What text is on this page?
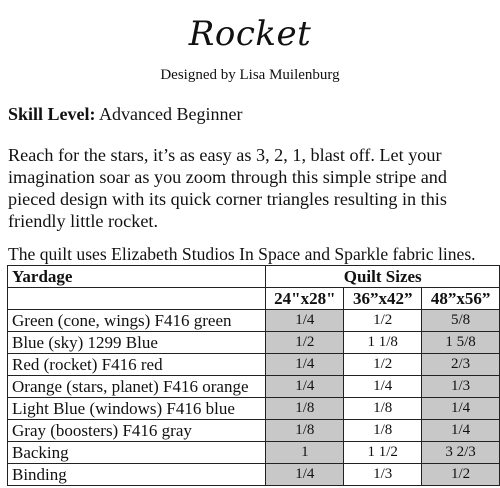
Rocket
Designed by Lisa Muilenburg
Skill Level: Advanced Beginner
Reach for the stars, it’s as easy as 3, 2, 1, blast off. Let your imagination soar as you zoom through this simple stripe and pieced design with its quick corner triangles resulting in this friendly little rocket.
The quilt uses Elizabeth Studios In Space and Sparkle fabric lines.
Yardage	Quilt Sizes		
	24"x28"	36”x42”	48”x56”
Green (cone, wings) F416 green	1/4	1/2	5/8
Blue (sky) 1299 Blue	1/2	1 1/8	1 5/8
Red (rocket) F416 red	1/4	1/2	2/3
Orange (stars, planet) F416 orange	1/4	1/4	1/3
Light Blue (windows) F416 blue	1/8	1/8	1/4
Gray (boosters) F416 gray	1/8	1/8	1/4
Backing	1	1 1/2	3 2/3
Binding	1/4	1/3	1/2
